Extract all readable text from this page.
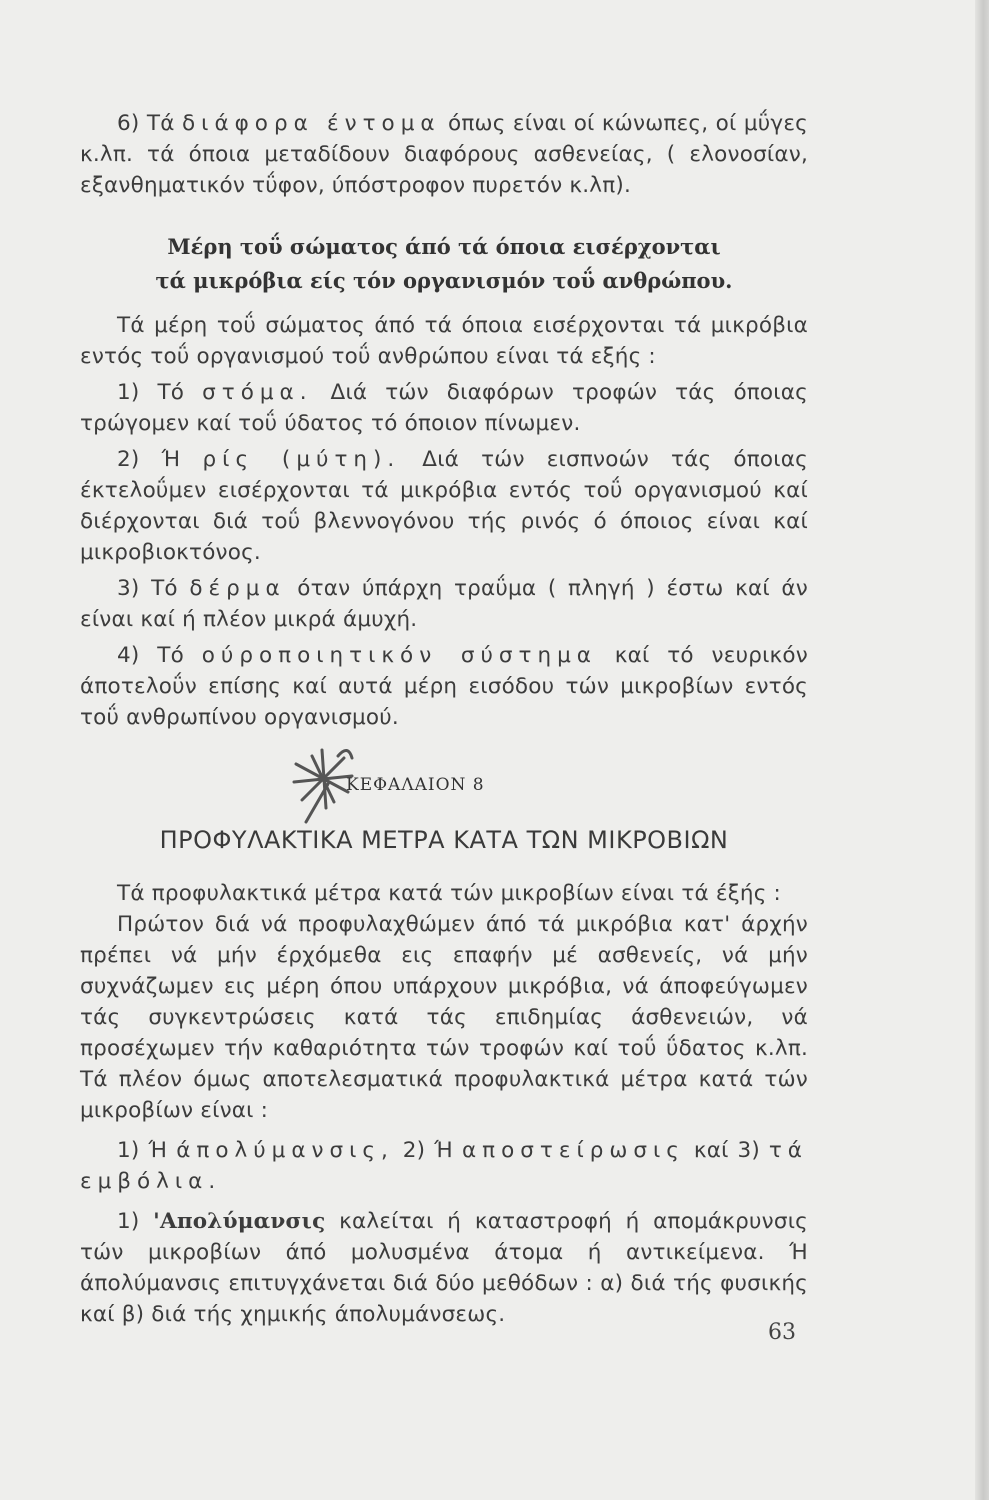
6) Τά διάφορα έντομα όπως είναι οί κώνωπες, οί μΰγες κ.λπ. τά όποια μεταδίδουν διαφόρους ασθενείας, ( ελονοσίαν, εξανθηματικόν τΰφον, ύπόστροφον πυρετόν κ.λπ).

Μέρη τοΰ σώματος άπό τά όποια εισέρχονται
τά μικρόβια είς τόν οργανισμόν τοΰ ανθρώπου.

Τά μέρη τοΰ σώματος άπό τά όποια εισέρχονται τά μικρόβια εντός τοΰ οργανισμού τοΰ ανθρώπου είναι τά εξής :

1) Τό στόμα. Διά τών διαφόρων τροφών τάς όποιας τρώγομεν καί τοΰ ύδατος τό όποιον πίνωμεν.

2) Ή ρίς (μύτη). Διά τών εισπνοών τάς όποιας έκτελοΰμεν εισέρχονται τά μικρόβια εντός τοΰ οργανισμού καί διέρχονται διά τοΰ βλεννογόνου τής ρινός ό όποιος είναι καί μικροβιοκτόνος.

3) Τό δέρμα όταν ύπάρχη τραΰμα ( πληγή ) έστω καί άν είναι καί ή πλέον μικρά άμυχή.

4) Τό ούροποιητικόν σύστημα καί τό νευρικόν άποτελοΰν επίσης καί αυτά μέρη εισόδου τών μικροβίων εντός τοΰ ανθρωπίνου οργανισμού.

ΚΕΦΑΛΑΙΟΝ 8
ΠΡΟΦΥΛΑΚΤΙΚΑ ΜΕΤΡΑ ΚΑΤΑ ΤΩΝ ΜΙΚΡΟΒΙΩΝ

Τά προφυλακτικά μέτρα κατά τών μικροβίων είναι τά έξής :

Πρώτον διά νά προφυλαχθώμεν άπό τά μικρόβια κατ' άρχήν πρέπει νά μήν έρχόμεθα εις επαφήν μέ ασθενείς, νά μήν συχνάζωμεν εις μέρη όπου υπάρχουν μικρόβια, νά άποφεύγωμεν τάς συγκεντρώσεις κατά τάς επιδημίας άσθενειών, νά προσέχωμεν τήν καθαριότητα τών τροφών καί τοΰ ΰδατος κ.λπ. Τά πλέον όμως αποτελεσματικά προφυλακτικά μέτρα κατά τών μικροβίων είναι :

1) Ή άπολύμανσις, 2) Ή αποστείρωσις καί 3) τά εμβόλια.

1) 'Απολύμανσις καλείται ή καταστροφή ή απομάκρυνσις τών μικροβίων άπό μολυσμένα άτομα ή αντικείμενα. Ή άπολύμανσις επιτυγχάνεται διά δύο μεθόδων : α) διά τής φυσικής καί β) διά τής χημικής άπολυμάνσεως.

63
